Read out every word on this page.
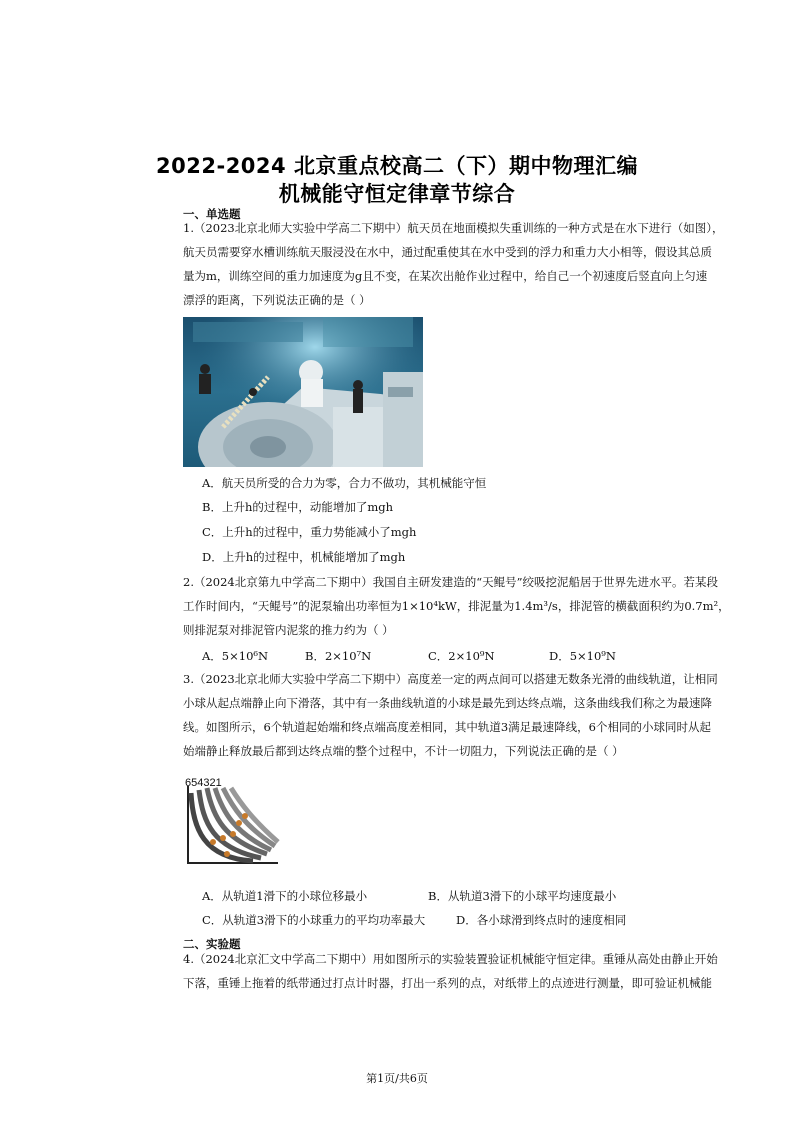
2022-2024 北京重点校高二（下）期中物理汇编
机械能守恒定律章节综合
一、单选题
1.（2023北京北师大实验中学高二下期中）航天员在地面模拟失重训练的一种方式是在水下进行（如图），
航天员需要穿水槽训练航天服浸没在水中，通过配重使其在水中受到的浮力和重力大小相等，假设其总质
量为m，训练空间的重力加速度为g且不变，在某次出舱作业过程中，给自己一个初速度后竖直向上匀速
漂浮的距离，下列说法正确的是（ ）
A．航天员所受的合力为零，合力不做功，其机械能守恒
B．上升h的过程中，动能增加了mgh
C．上升h的过程中，重力势能减小了mgh
D．上升h的过程中，机械能增加了mgh
2.（2024北京第九中学高二下期中）我国自主研发建造的“天鲲号”绞吸挖泥船居于世界先进水平。若某段
工作时间内，“天鲲号”的泥泵输出功率恒为1×10⁴kW，排泥量为1.4m³/s，排泥管的横截面积约为0.7m²，
则排泥泵对排泥管内泥浆的推力约为（ ）
A．5×10⁶N	B．2×10⁷N	C．2×10⁹N	D．5×10⁹N
3.（2023北京北师大实验中学高二下期中）高度差一定的两点间可以搭建无数条光滑的曲线轨道，让相同
小球从起点端静止向下滑落，其中有一条曲线轨道的小球是最先到达终点端，这条曲线我们称之为最速降
线。如图所示，6个轨道起始端和终点端高度差相同，其中轨道3满足最速降线，6个相同的小球同时从起
始端静止释放最后都到达终点端的整个过程中，不计一切阻力，下列说法正确的是（ ）
654321
A．从轨道1滑下的小球位移最小	B．从轨道3滑下的小球平均速度最小
C．从轨道3滑下的小球重力的平均功率最大	D．各小球滑到终点时的速度相同
二、实验题
4.（2024北京汇文中学高二下期中）用如图所示的实验装置验证机械能守恒定律。重锤从高处由静止开始
下落，重锤上拖着的纸带通过打点计时器，打出一系列的点，对纸带上的点迹进行测量，即可验证机械能
第1页/共6页
